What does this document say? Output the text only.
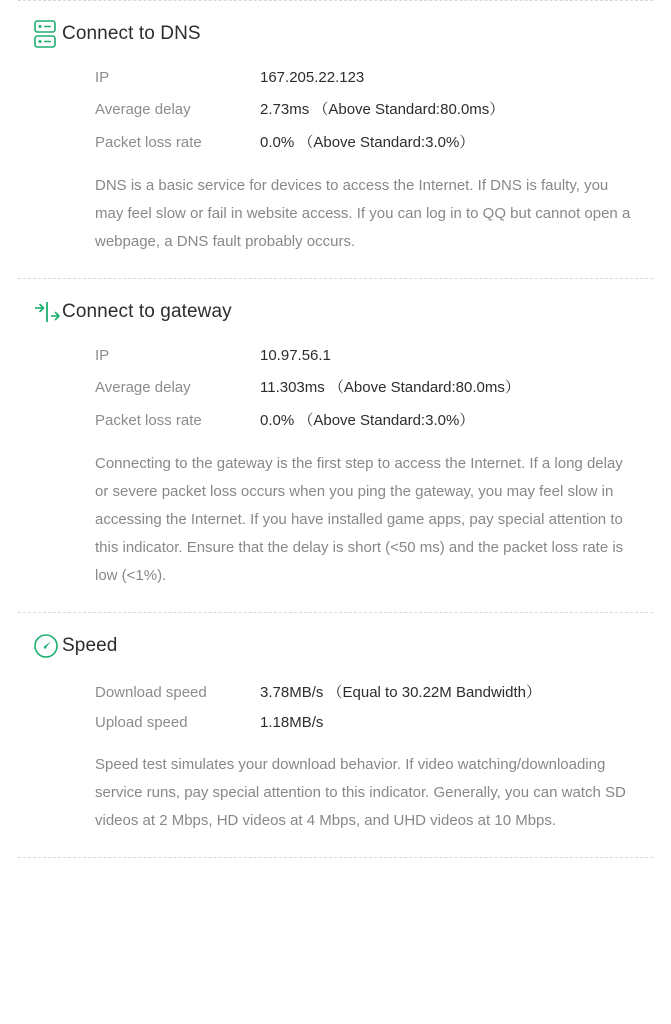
Connect to DNS
IP	167.205.22.123
Average delay	2.73ms （Above Standard:80.0ms）
Packet loss rate	0.0% （Above Standard:3.0%）
DNS is a basic service for devices to access the Internet. If DNS is faulty, you may feel slow or fail in website access. If you can log in to QQ but cannot open a webpage, a DNS fault probably occurs.
Connect to gateway
IP	10.97.56.1
Average delay	11.303ms （Above Standard:80.0ms）
Packet loss rate	0.0% （Above Standard:3.0%）
Connecting to the gateway is the first step to access the Internet. If a long delay or severe packet loss occurs when you ping the gateway, you may feel slow in accessing the Internet. If you have installed game apps, pay special attention to this indicator. Ensure that the delay is short (<50 ms) and the packet loss rate is low (<1%).
Speed
Download speed	3.78MB/s （Equal to 30.22M Bandwidth）
Upload speed	1.18MB/s
Speed test simulates your download behavior. If video watching/downloading service runs, pay special attention to this indicator. Generally, you can watch SD videos at 2 Mbps, HD videos at 4 Mbps, and UHD videos at 10 Mbps.
